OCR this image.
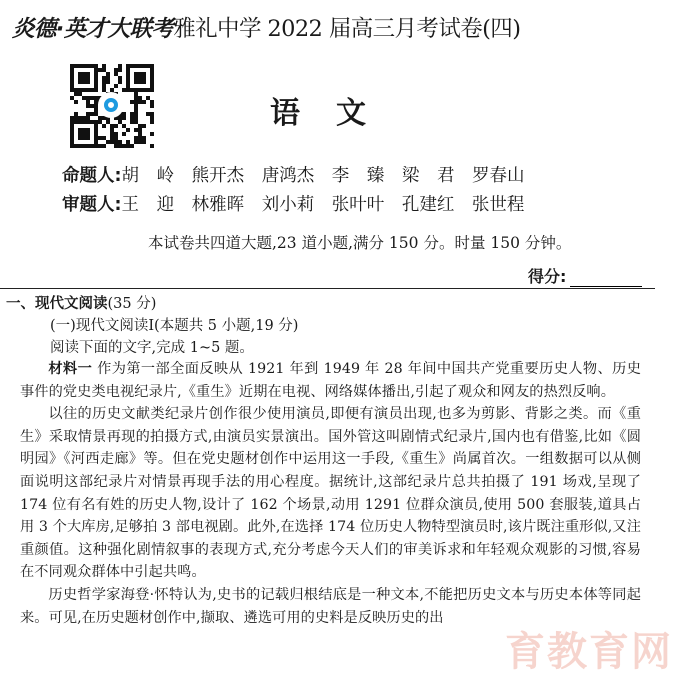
炎德·英才大联考雅礼中学 2022 届高三月考试卷(四)
语文
命题人:胡 岭 熊开杰 唐鸿杰 李 臻 梁 君 罗春山
审题人:王 迎 林雅晖 刘小莉 张叶叶 孔建红 张世程
本试卷共四道大题,23 道小题,满分 150 分。时量 150 分钟。
得分:
一、现代文阅读(35 分)
(一)现代文阅读Ⅰ(本题共 5 小题,19 分)
阅读下面的文字,完成 1~5 题。

材料一 作为第一部全面反映从 1921 年到 1949 年 28 年间中国共产党重要历史人物、历史事件的党史类电视纪录片,《重生》近期在电视、网络媒体播出,引起了观众和网友的热烈反响。

以往的历史文献类纪录片创作很少使用演员,即便有演员出现,也多为剪影、背影之类。而《重生》采取情景再现的拍摄方式,由演员实景演出。国外管这叫剧情式纪录片,国内也有借鉴,比如《圆明园》《河西走廊》等。但在党史题材创作中运用这一手段,《重生》尚属首次。一组数据可以从侧面说明这部纪录片对情景再现手法的用心程度。据统计,这部纪录片总共拍摄了 191 场戏,呈现了 174 位有名有姓的历史人物,设计了 162 个场景,动用 1291 位群众演员,使用 500 套服装,道具占用 3 个大库房,足够拍 3 部电视剧。此外,在选择 174 位历史人物特型演员时,该片既注重形似,又注重颜值。这种强化剧情叙事的表现方式,充分考虑今天人们的审美诉求和年轻观众观影的习惯,容易在不同观众群体中引起共鸣。

历史哲学家海登·怀特认为,史书的记载归根结底是一种文本,不能把历史文本与历史本体等同起来。可见,在历史题材创作中,撷取、遴选可用的史料是反映历史的出

育教育网
